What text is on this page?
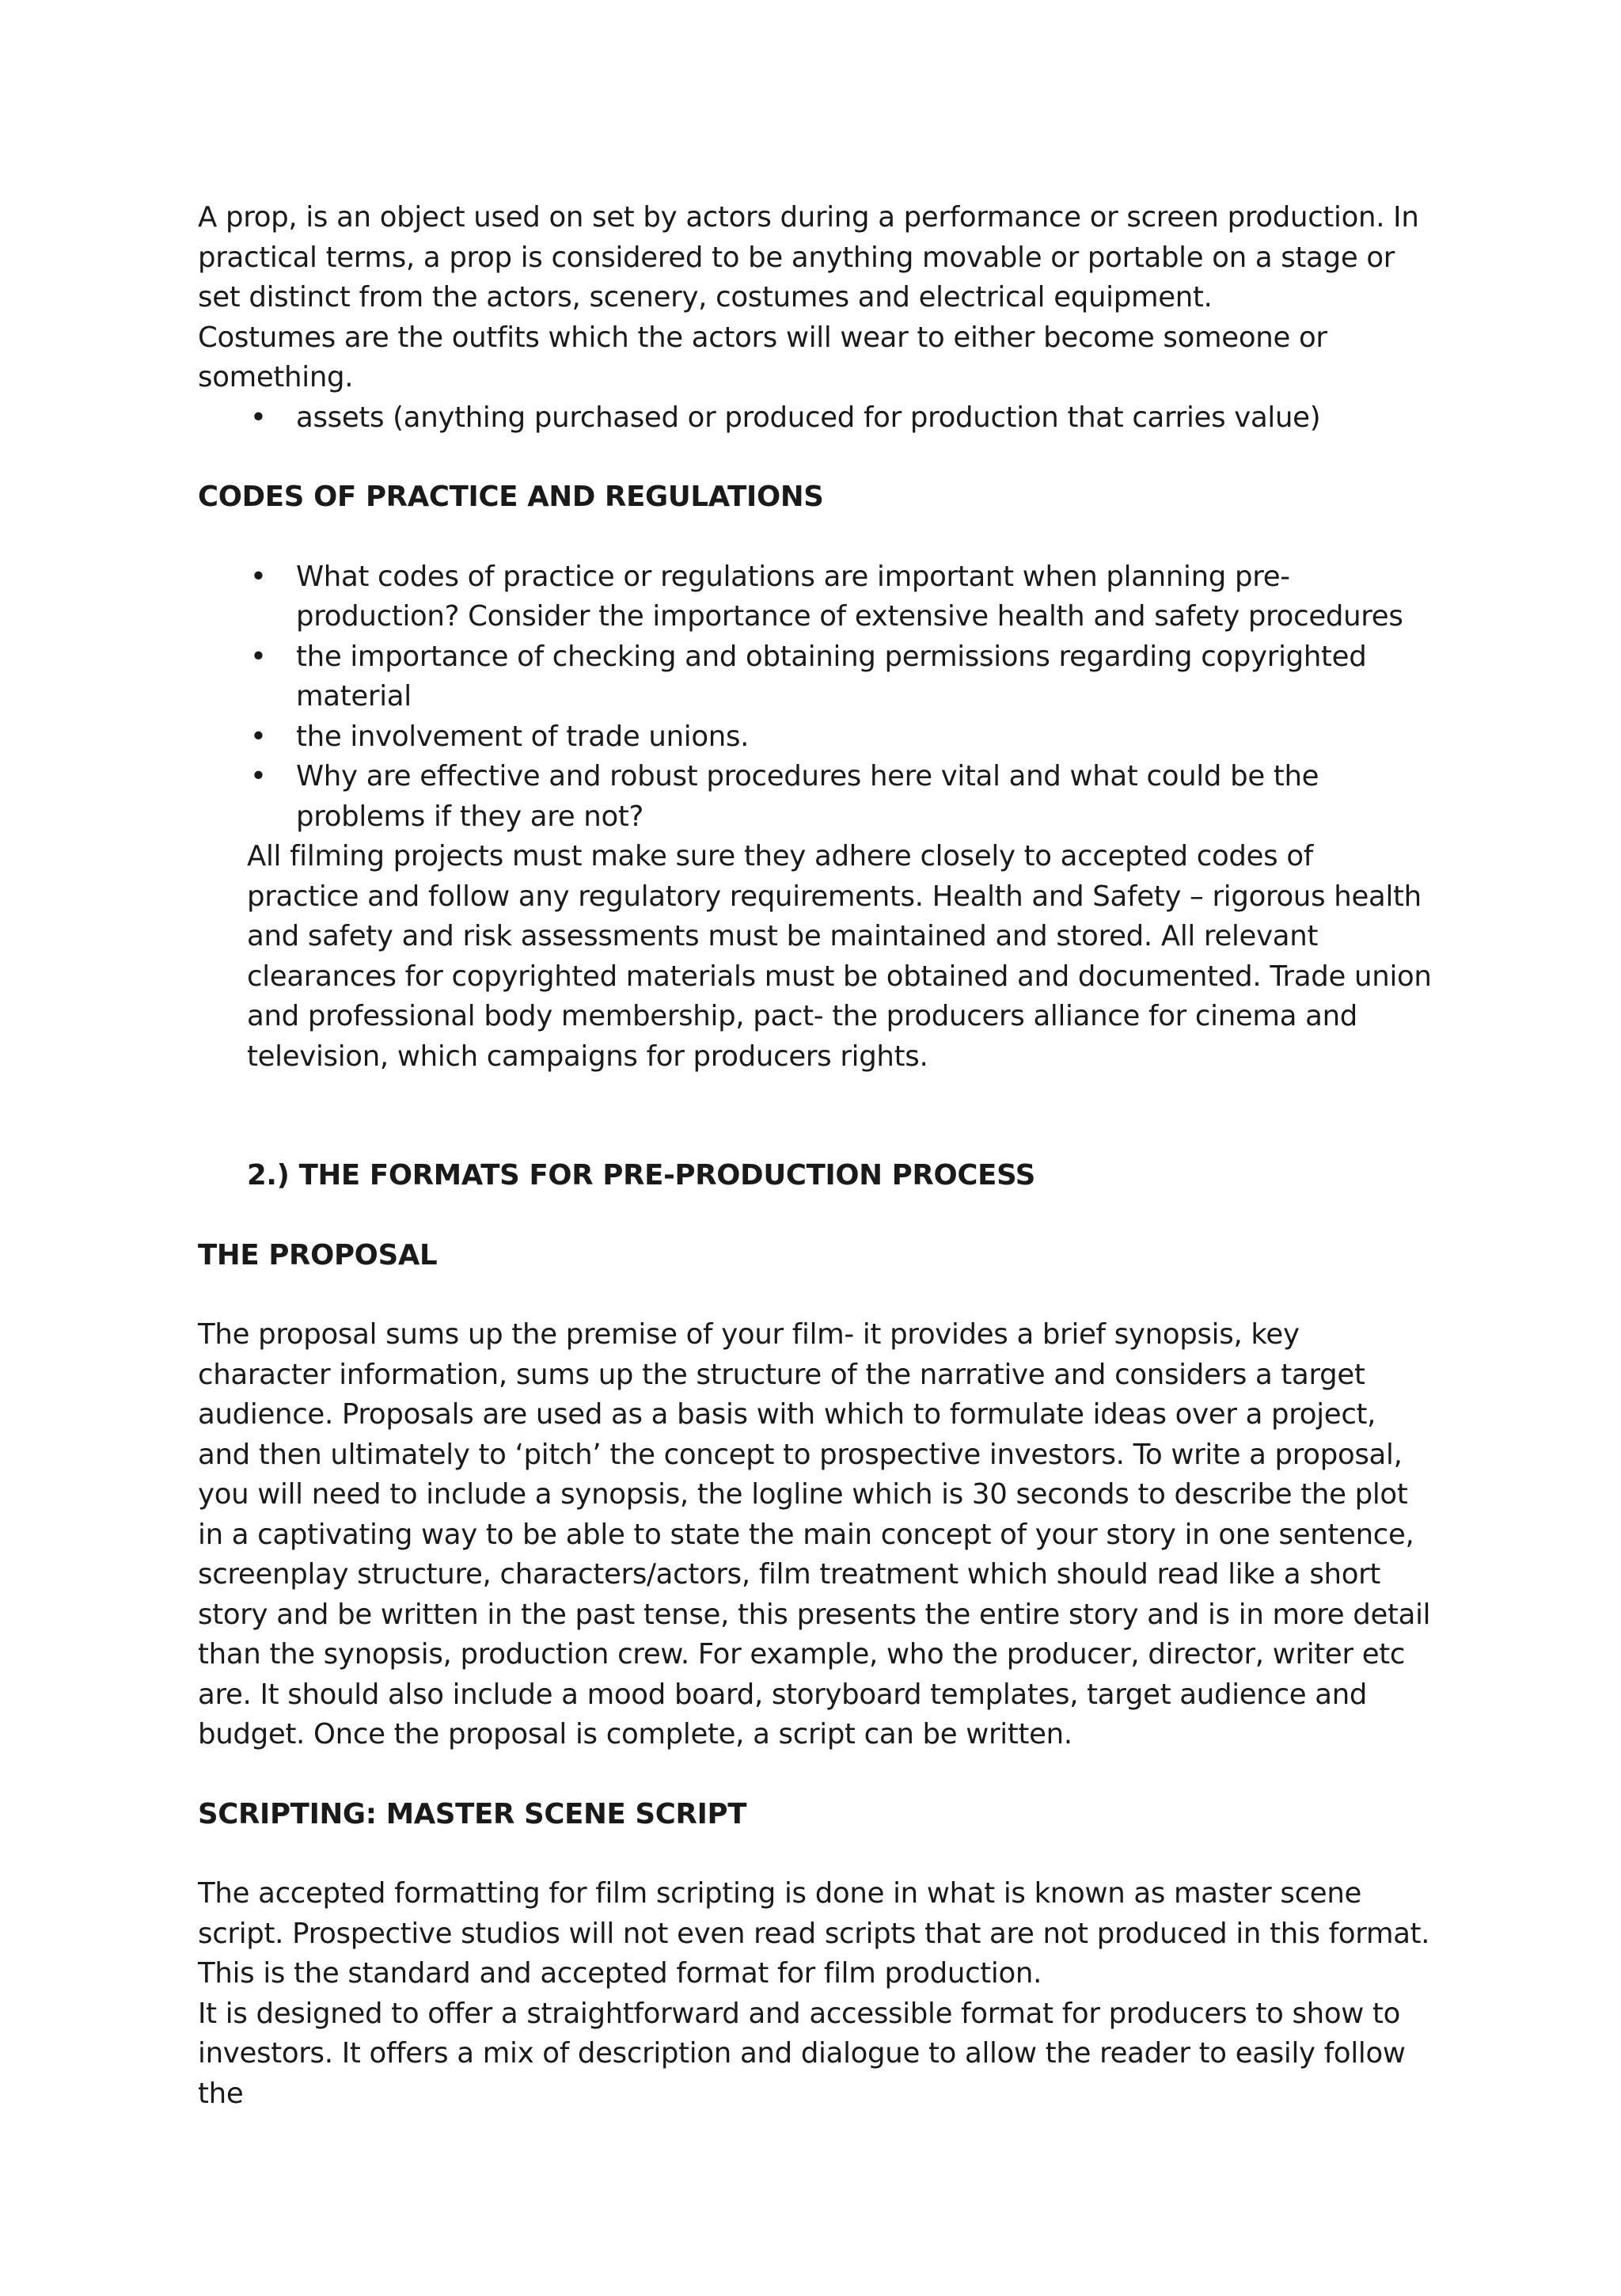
A prop, is an object used on set by actors during a performance or screen production. In practical terms, a prop is considered to be anything movable or portable on a stage or set distinct from the actors, scenery, costumes and electrical equipment.

Costumes are the outfits which the actors will wear to either become someone or something.

• assets (anything purchased or produced for production that carries value)

CODES OF PRACTICE AND REGULATIONS

• What codes of practice or regulations are important when planning pre-production? Consider the importance of extensive health and safety procedures
• the importance of checking and obtaining permissions regarding copyrighted material
• the involvement of trade unions.
• Why are effective and robust procedures here vital and what could be the problems if they are not?

All filming projects must make sure they adhere closely to accepted codes of practice and follow any regulatory requirements. Health and Safety – rigorous health and safety and risk assessments must be maintained and stored. All relevant clearances for copyrighted materials must be obtained and documented. Trade union and professional body membership, pact- the producers alliance for cinema and television, which campaigns for producers rights.

2.) THE FORMATS FOR PRE-PRODUCTION PROCESS

THE PROPOSAL

The proposal sums up the premise of your film- it provides a brief synopsis, key character information, sums up the structure of the narrative and considers a target audience. Proposals are used as a basis with which to formulate ideas over a project, and then ultimately to ‘pitch’ the concept to prospective investors. To write a proposal, you will need to include a synopsis, the logline which is 30 seconds to describe the plot in a captivating way to be able to state the main concept of your story in one sentence, screenplay structure, characters/actors, film treatment which should read like a short story and be written in the past tense, this presents the entire story and is in more detail than the synopsis, production crew. For example, who the producer, director, writer etc are. It should also include a mood board, storyboard templates, target audience and budget. Once the proposal is complete, a script can be written.

SCRIPTING: MASTER SCENE SCRIPT

The accepted formatting for film scripting is done in what is known as master scene script. Prospective studios will not even read scripts that are not produced in this format. This is the standard and accepted format for film production.

It is designed to offer a straightforward and accessible format for producers to show to investors. It offers a mix of description and dialogue to allow the reader to easily follow the
